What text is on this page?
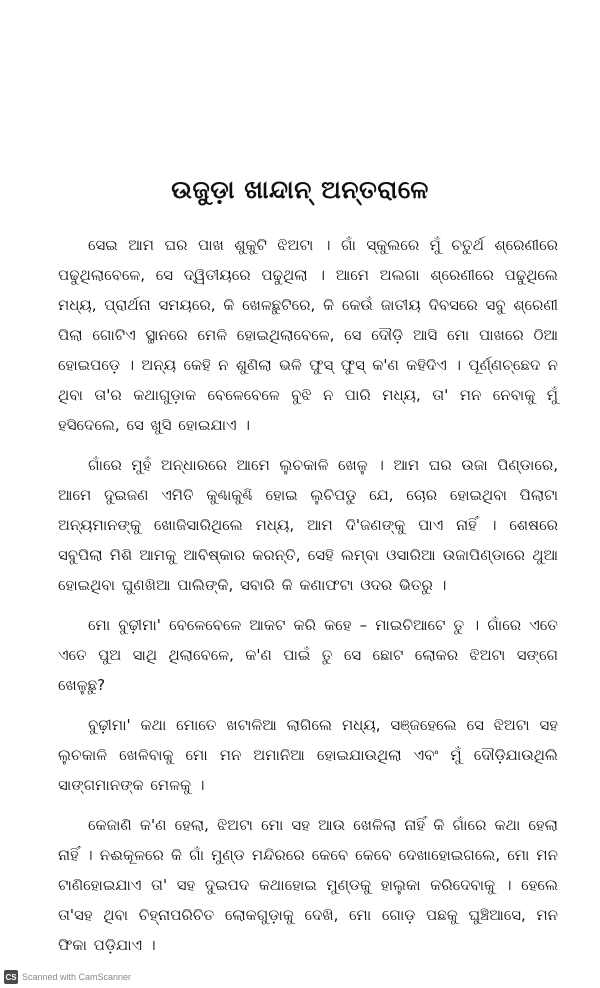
ଉଜୁଡ଼ା ଖାନ୍ଦାନ୍ ଅନ୍ତରାଳେ

ସେଇ ଆମ ଘର ପାଖ ଶୁକୁଟି ଝିଅଟା । ଗାଁ ସ୍କୁଲରେ ମୁଁ ଚତୁର୍ଥ ଶ୍ରେଣୀରେ ପଢୁଥିଲାବେଳେ, ସେ ଦ୍ୱିତୀୟରେ ପଢୁଥିଲା । ଆମେ ଅଲଗା ଶ୍ରେଣୀରେ ପଢୁଥିଲେ ମଧ୍ୟ, ପ୍ରାର୍ଥନା ସମୟରେ, କି ଖେଳଛୁଟିରେ, କି କେଉଁ ଜାତୀୟ ଦିବସରେ ସବୁ ଶ୍ରେଣୀ ପିଲା ଗୋଟିଏ ସ୍ଥାନରେ ମେଳି ହୋଇଥିଲାବେଳେ, ସେ ଦୌଡ଼ି ଆସି ମୋ ପାଖରେ ଠିଆ ହୋଇପଡ଼େ । ଅନ୍ୟ କେହି ନ ଶୁଣିଲା ଭଳି ଫୁସ୍ ଫୁସ୍ କ'ଣ କହିଦିଏ । ପୂର୍ଣ୍ଣଚ୍ଛେଦ ନ ଥିବା ତା'ର କଥାଗୁଡ଼ାକ ବେଳେବେଳେ ବୁଝି ନ ପାରି ମଧ୍ୟ, ତା' ମନ ନେବାକୁ ମୁଁ ହସିଦେଲେ, ସେ ଖୁସି ହୋଇଯାଏ ।

ଗାଁରେ ମୁହଁ ଅନ୍ଧାରରେ ଆମେ ଲୁଚକାଳି ଖେଳୁ । ଆମ ଘର ଉଜା ପିଣ୍ଡାରେ, ଆମେ ଦୁଇଜଣ ଏମିତି କୁଣ୍ଢାକୁଣ୍ଢି ହୋଇ ଲୁଚିପଡୁ ଯେ, ଚୋର ହୋଇଥିବା ପିଲାଟା ଅନ୍ୟମାନଙ୍କୁ ଖୋଜିସାରିଥିଲେ ମଧ୍ୟ, ଆମ ଦି'ଜଣଙ୍କୁ ପାଏ ନାହିଁ । ଶେଷରେ ସବୁପିଲା ମିଶି ଆମକୁ ଆବିଷ୍କାର କରନ୍ତି, ସେହି ଲମ୍ବା ଓସାରିଆ ଉଜାପିଣ୍ଡାରେ ଥୁଆ ହୋଇଥିବା ଘୁଣଖିଆ ପାଲିଙ୍କି, ସବାରି କି କଣାଫଟା ଓଦର ଭିତରୁ ।

ମୋ ବୁଢ଼ୀମା' ବେଳେବେଳେ ଆକଟ କରି କହେ – ମାଇଚିଆଟେ ତୁ । ଗାଁରେ ଏତେ ଏତେ ପୁଅ ସାଥି ଥିଲାବେଳେ, କ'ଣ ପାଇଁ ତୁ ସେ ଛୋଟ ଲୋକର ଝିଅଟା ସଙ୍ଗେ ଖେଳୁଛୁ?

ବୁଢ଼ୀମା' କଥା ମୋତେ ଖଟାଳିଆ ଲାଗିଲେ ମଧ୍ୟ, ସଞ୍ଜହେଲେ ସେ ଝିଅଟା ସହ ଲୁଚକାଳି ଖେଳିବାକୁ ମୋ ମନ ଅମାନିଆ ହୋଇଯାଉଥିଲା ଏବଂ ମୁଁ ଦୌଡ଼ିଯାଉଥିଲି ସାଙ୍ଗମାନଙ୍କ ମେଳକୁ ।

କେଜାଣି କ'ଣ ହେଲା, ଝିଅଟା ମୋ ସହ ଆଉ ଖେଳିଲା ନାହିଁ କି ଗାଁରେ କଥା ହେଲା ନାହିଁ । ନଈକୂଳରେ କି ଗାଁ ମୁଣ୍ଡ ମନ୍ଦିରରେ କେବେ କେବେ ଦେଖାହୋଇଗଲେ, ମୋ ମନ ଟାଣିହୋଇଯାଏ ତା' ସହ ଦୁଇପଦ କଥାହୋଇ ମୁଣ୍ଡକୁ ହାଲୁକା କରିଦେବାକୁ । ହେଲେ ତା'ସହ ଥିବା ଚିହ୍ନାପରିଚିତ ଲୋକଗୁଡ଼ାକୁ ଦେଖି, ମୋ ଗୋଡ଼ ପଛକୁ ଘୁଞ୍ଚିଆସେ, ମନ ଫିକା ପଡ଼ିଯାଏ ।

CS Scanned with CamScanner
